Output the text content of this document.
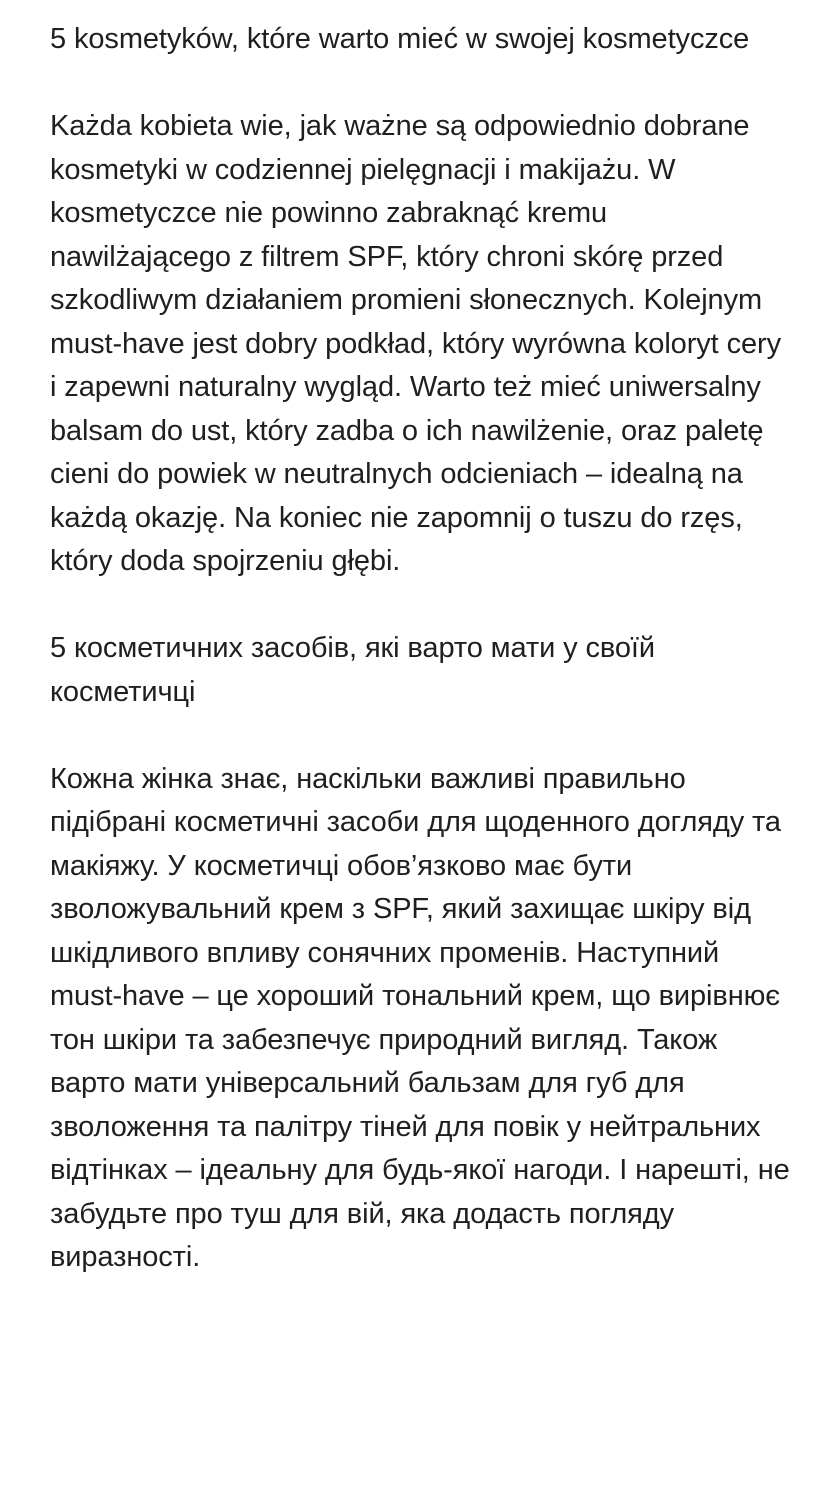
5 kosmetyków, które warto mieć w swojej kosmetyczce

Każda kobieta wie, jak ważne są odpowiednio dobrane kosmetyki w codziennej pielęgnacji i makijażu. W kosmetyczce nie powinno zabraknąć kremu nawilżającego z filtrem SPF, który chroni skórę przed szkodliwym działaniem promieni słonecznych. Kolejnym must-have jest dobry podkład, który wyrówna koloryt cery i zapewni naturalny wygląd. Warto też mieć uniwersalny balsam do ust, który zadba o ich nawilżenie, oraz paletę cieni do powiek w neutralnych odcieniach – idealną na każdą okazję. Na koniec nie zapomnij o tuszu do rzęs, który doda spojrzeniu głębi.

5 косметичних засобів, які варто мати у своїй косметичці

Кожна жінка знає, наскільки важливі правильно підібрані косметичні засоби для щоденного догляду та макіяжу. У косметичці обов’язково має бути зволожувальний крем з SPF, який захищає шкіру від шкідливого впливу сонячних променів. Наступний must-have – це хороший тональний крем, що вирівнює тон шкіри та забезпечує природний вигляд. Також варто мати універсальний бальзам для губ для зволоження та палітру тіней для повік у нейтральних відтінках – ідеальну для будь-якої нагоди. І нарешті, не забудьте про туш для вій, яка додасть погляду виразності.
